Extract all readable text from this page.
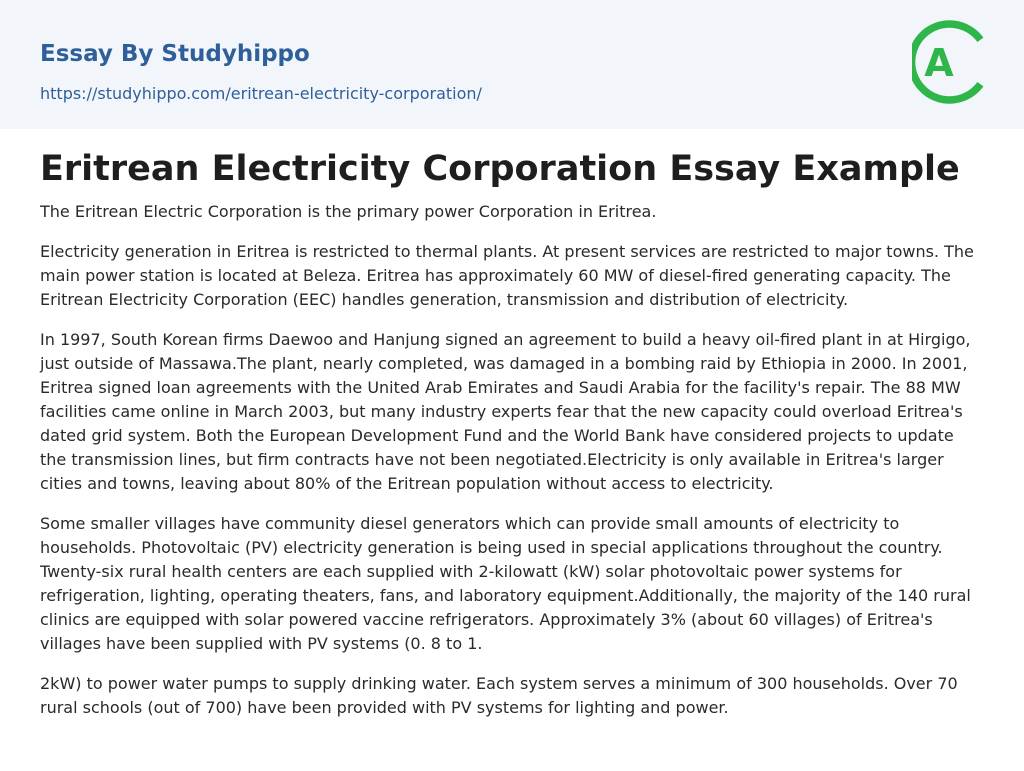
Essay By Studyhippo
https://studyhippo.com/eritrean-electricity-corporation/
A
Eritrean Electricity Corporation Essay Example

The Eritrean Electric Corporation is the primary power Corporation in Eritrea.

Electricity generation in Eritrea is restricted to thermal plants. At present services are restricted to major towns. The main power station is located at Beleza. Eritrea has approximately 60 MW of diesel-fired generating capacity. The Eritrean Electricity Corporation (EEC) handles generation, transmission and distribution of electricity.

In 1997, South Korean firms Daewoo and Hanjung signed an agreement to build a heavy oil-fired plant in at Hirgigo, just outside of Massawa.The plant, nearly completed, was damaged in a bombing raid by Ethiopia in 2000. In 2001, Eritrea signed loan agreements with the United Arab Emirates and Saudi Arabia for the facility's repair. The 88 MW facilities came online in March 2003, but many industry experts fear that the new capacity could overload Eritrea's dated grid system. Both the European Development Fund and the World Bank have considered projects to update the transmission lines, but firm contracts have not been negotiated.Electricity is only available in Eritrea's larger cities and towns, leaving about 80% of the Eritrean population without access to electricity.

Some smaller villages have community diesel generators which can provide small amounts of electricity to households. Photovoltaic (PV) electricity generation is being used in special applications throughout the country. Twenty-six rural health centers are each supplied with 2-kilowatt (kW) solar photovoltaic power systems for refrigeration, lighting, operating theaters, fans, and laboratory equipment.Additionally, the majority of the 140 rural clinics are equipped with solar powered vaccine refrigerators. Approximately 3% (about 60 villages) of Eritrea's villages have been supplied with PV systems (0. 8 to 1.

2kW) to power water pumps to supply drinking water. Each system serves a minimum of 300 households. Over 70 rural schools (out of 700) have been provided with PV systems for lighting and power.
